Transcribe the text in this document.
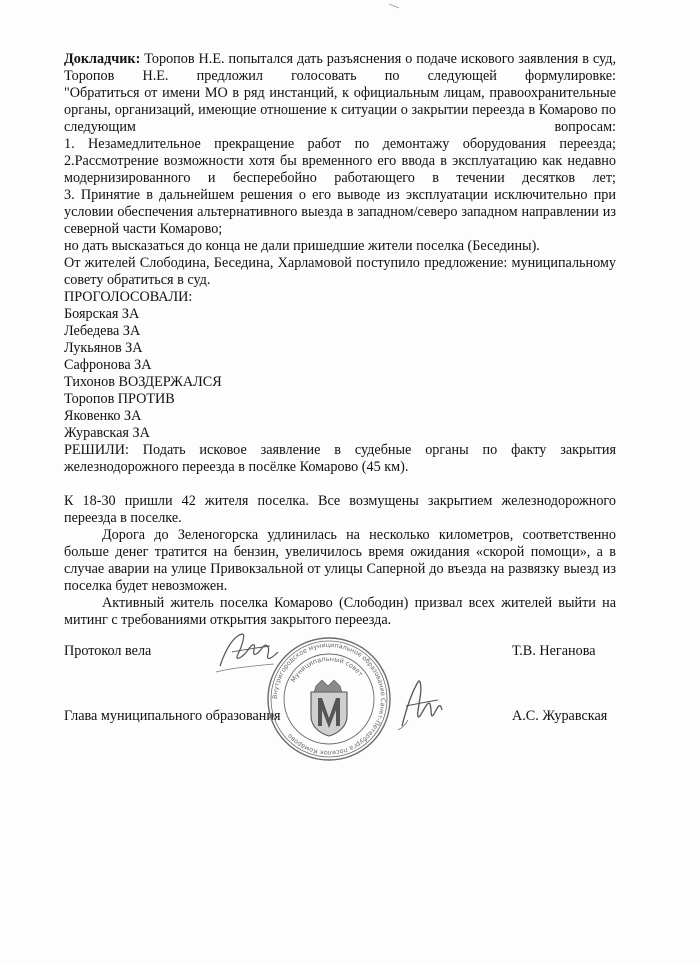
Докладчик: Торопов Н.Е. попытался дать разъяснения о подаче искового заявления в суд,

Торопов Н.Е. предложил голосовать по следующей формулировке:

"Обратиться от имени МО в ряд инстанций, к официальным лицам, правоохранительные

органы, организаций, имеющие отношение к ситуации о закрытии переезда в Комарово по

следующим вопросам:

1. Незамедлительное прекращение работ по демонтажу оборудования переезда;

2.Рассмотрение возможности хотя бы временного его ввода в эксплуатацию как недавно модернизированного и бесперебойно работающего в течении десятков лет;

3. Принятие в дальнейшем решения о его выводе из эксплуатации исключительно при условии обеспечения альтернативного выезда в западном/северо западном направлении из северной части Комарово;

но дать высказаться до конца не дали пришедшие жители поселка (Беседины).

От жителей Слободина, Беседина, Харламовой поступило предложение: муниципальному совету обратиться в суд.

ПРОГОЛОСОВАЛИ:

Боярская ЗА

Лебедева ЗА

Лукьянов ЗА

Сафронова ЗА

Тихонов ВОЗДЕРЖАЛСЯ

Торопов ПРОТИВ

Яковенко ЗА

Журавская ЗА

РЕШИЛИ: Подать исковое заявление в судебные органы по факту закрытия железнодорожного переезда в посёлке Комарово (45 км).

К 18-30 пришли 42 жителя поселка. Все возмущены закрытием железнодорожного переезда в поселке.

Дорога до Зеленогорска удлинилась на несколько километров, соответственно больше денег тратится на бензин, увеличилось время ожидания «скорой помощи», а в случае аварии на улице Привокзальной от улицы Саперной до въезда на развязку выезд из поселка будет невозможен.

Активный житель поселка Комарово (Слободин) призвал всех жителей выйти на митинг с требованиями открытия закрытого переезда.

Протокол вела	Т.В. Неганова
Глава муниципального образования	А.С. Журавская
Внутригородское муниципальное образование Санкт-Петербурга поселок Комарово
Муниципальный совет
